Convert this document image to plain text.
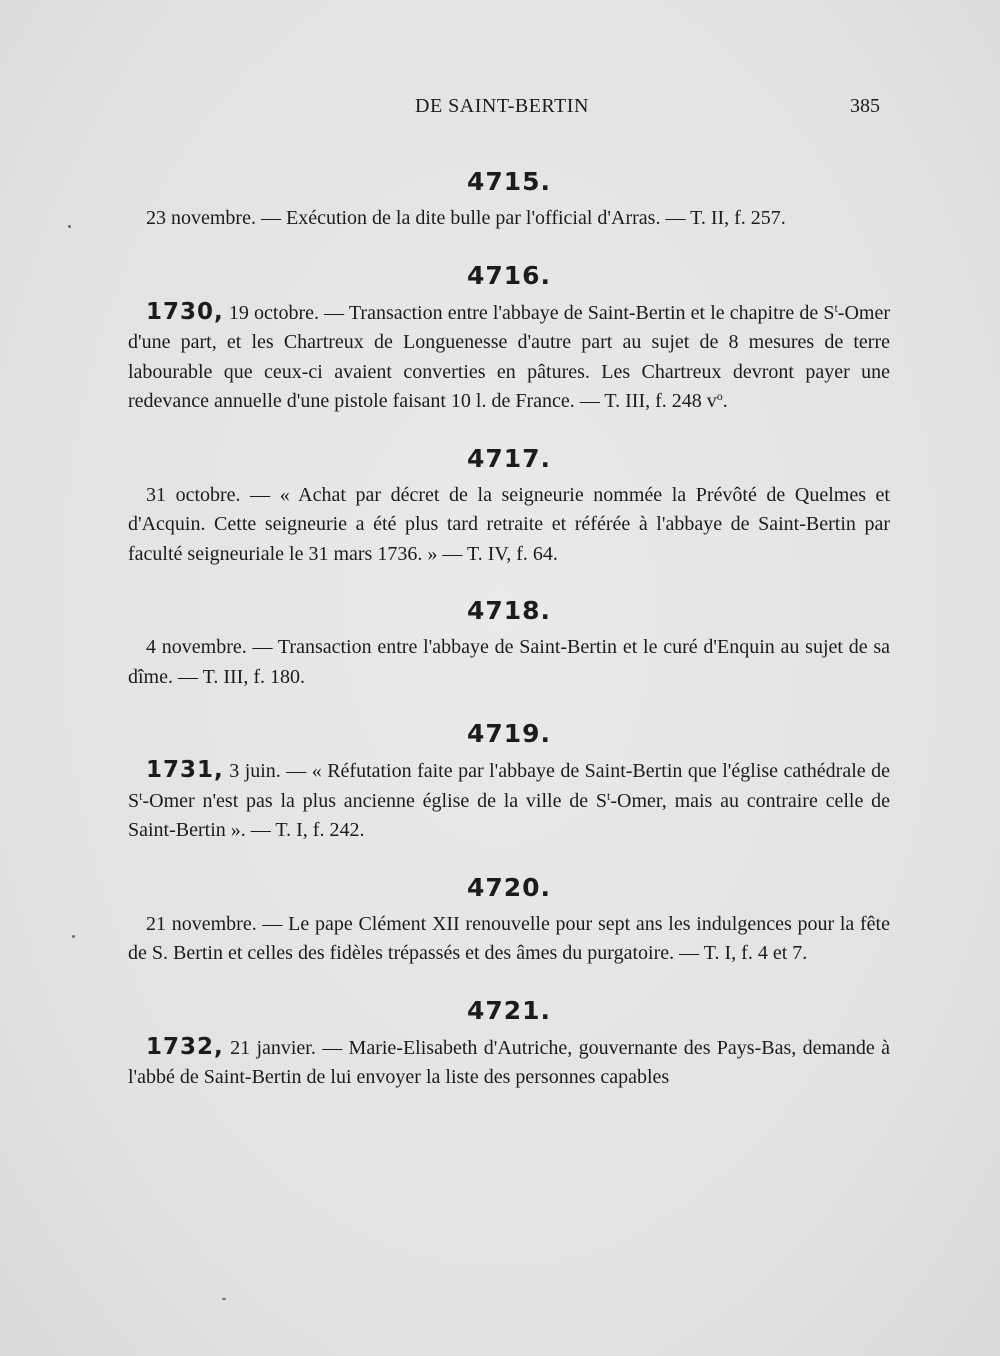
DE SAINT-BERTIN	385
4715.

23 novembre. — Exécution de la dite bulle par l'official d'Arras. — T. II, f. 257.

4716.

1730, 19 octobre. — Transaction entre l'abbaye de Saint-Bertin et le chapitre de $S^t$-Omer d'une part, et les Chartreux de Longuenesse d'autre part au sujet de 8 mesures de terre labourable que ceux-ci avaient converties en pâtures. Les Chartreux devront payer une redevance annuelle d'une pistole faisant 10 l. de France. — T. III, f. 248 $v^o$.

4717.

31 octobre. — « Achat par décret de la seigneurie nommée la Prévôté de Quelmes et d'Acquin. Cette seigneurie a été plus tard retraite et référée à l'abbaye de Saint-Bertin par faculté seigneuriale le 31 mars 1736. » — T. IV, f. 64.

4718.

4 novembre. — Transaction entre l'abbaye de Saint-Bertin et le curé d'Enquin au sujet de sa dîme. — T. III, f. 180.

4719.

1731, 3 juin. — « Réfutation faite par l'abbaye de Saint-Bertin que l'église cathédrale de $S^t$-Omer n'est pas la plus ancienne église de la ville de $S^t$-Omer, mais au contraire celle de Saint-Bertin ». — T. I, f. 242.

4720.

21 novembre. — Le pape Clément XII renouvelle pour sept ans les indulgences pour la fête de S. Bertin et celles des fidèles trépassés et des âmes du purgatoire. — T. I, f. 4 et 7.

4721.

1732, 21 janvier. — Marie-Elisabeth d'Autriche, gouvernante des Pays-Bas, demande à l'abbé de Saint-Bertin de lui envoyer la liste des personnes capables
